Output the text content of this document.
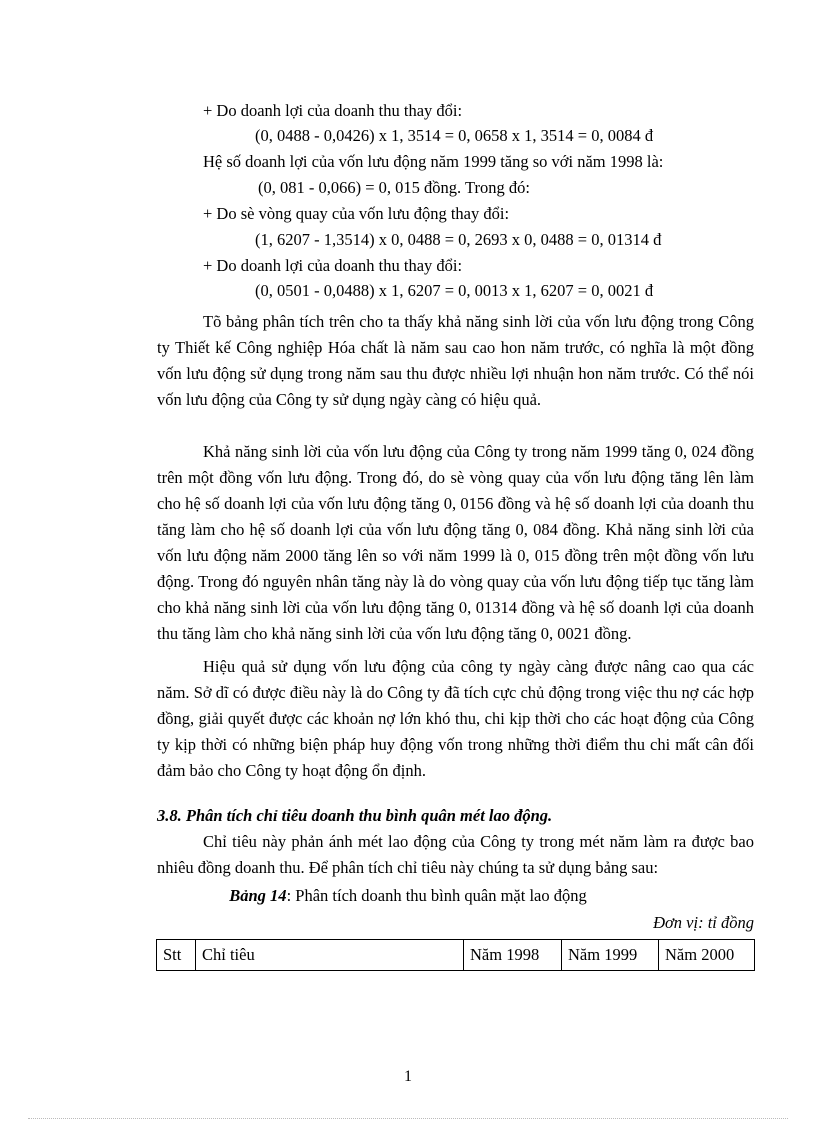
+ Do doanh lợi của doanh thu thay đổi:
(0, 0488 - 0,0426) x 1, 3514 = 0, 0658 x 1, 3514 = 0, 0084 đ
Hệ số doanh lợi của vốn lưu động năm 1999 tăng so với năm 1998 là:
(0, 081 - 0,066) = 0, 015 đồng. Trong đó:
+ Do sè vòng quay của vốn lưu động thay đổi:
(1, 6207 - 1,3514) x 0, 0488 = 0, 2693 x 0, 0488 = 0, 01314 đ
+ Do doanh lợi của doanh thu thay đổi:
(0, 0501 - 0,0488) x 1, 6207 = 0, 0013 x 1, 6207 = 0, 0021 đ

Tõ bảng phân tích trên cho ta thấy khả năng sinh lời của vốn lưu động trong Công ty Thiết kế Công nghiệp Hóa chất là năm sau cao hon năm trước, có nghĩa là một đồng vốn lưu động sử dụng trong năm sau thu được nhiều lợi nhuận hon năm trước. Có thể nói vốn lưu động của Công ty sử dụng ngày càng có hiệu quả.

Khả năng sinh lời của vốn lưu động của Công ty trong năm 1999 tăng 0, 024 đồng trên một đồng vốn lưu động. Trong đó, do sè vòng quay của vốn lưu động tăng lên làm cho hệ số doanh lợi của vốn lưu động tăng 0, 0156 đồng và hệ số doanh lợi của doanh thu tăng làm cho hệ số doanh lợi của vốn lưu động tăng 0, 084 đồng. Khả năng sinh lời của vốn lưu động năm 2000 tăng lên so với năm 1999 là 0, 015 đồng trên một đồng vốn lưu động. Trong đó nguyên nhân tăng này là do vòng quay của vốn lưu động tiếp tục tăng làm cho khả năng sinh lời của vốn lưu động tăng 0, 01314 đồng và hệ số doanh lợi của doanh thu tăng làm cho khả năng sinh lời của vốn lưu động tăng 0, 0021 đồng.

Hiệu quả sử dụng vốn lưu động của công ty ngày càng được nâng cao qua các năm. Sở dĩ có được điều này là do Công ty đã tích cực chủ động trong việc thu nợ các hợp đồng, giải quyết được các khoản nợ lớn khó thu, chi kịp thời cho các hoạt động của Công ty kịp thời có những biện pháp huy động vốn trong những thời điểm thu chi mất cân đối đảm bảo cho Công ty hoạt động ổn định.

3.8. Phân tích chỉ tiêu doanh thu bình quân mét lao động.

Chỉ tiêu này phản ánh mét lao động của Công ty trong mét năm làm ra được bao nhiêu đồng doanh thu. Để phân tích chỉ tiêu này chúng ta sử dụng bảng sau:

Bảng 14: Phân tích doanh thu bình quân mặt lao động
Đơn vị: tỉ đồng
Stt	Chỉ tiêu	Năm 1998	Năm 1999	Năm 2000
1
